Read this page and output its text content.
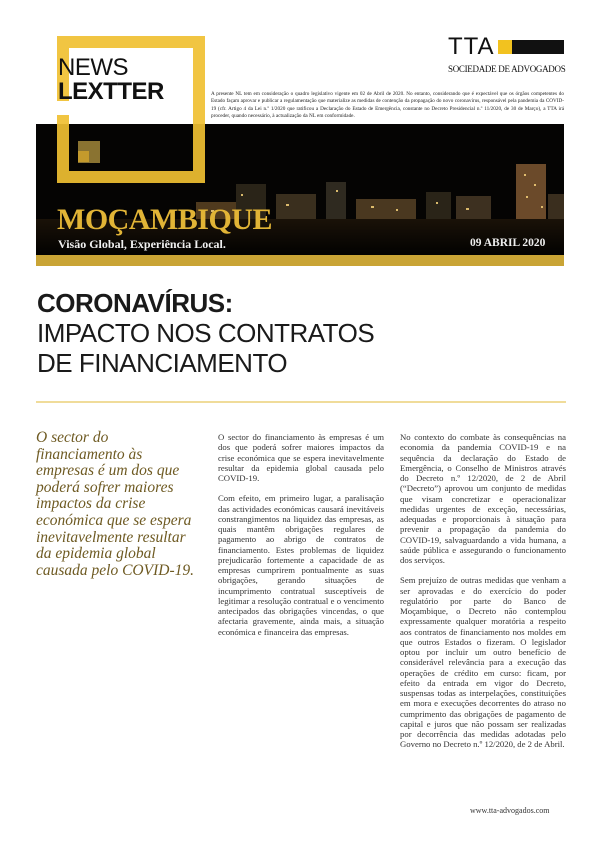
NEWS
LEXTTER
MOÇAMBIQUE
Visão Global, Experiência Local.	09 ABRIL 2020
TTA
SOCIEDADE DE ADVOGADOS
A presente NL tem em consideração o quadro legislativo vigente em 02 de Abril de 2020. No entanto, considerando que é expectável que os órgãos competentes do Estado façam aprovar e publicar a regulamentação que materialize as medidas de contenção da propagação do novo coronavírus, responsável pela pandemia da COVID-19 (cfr. Artigo 4 da Lei n.º 1/2020 que ratificou a Declaração do Estado de Emergência, constante no Decreto Presidencial n.º 11/2020, de 30 de Março), a TTA irá proceder, quando necessário, à actualização da NL em conformidade.
CORONAVÍRUS:
IMPACTO NOS CONTRATOS
DE FINANCIAMENTO
O sector do financiamento às empresas é um dos que poderá sofrer maiores impactos da crise económica que se espera inevitavelmente resultar da epidemia global causada pelo COVID-19.

O sector do financiamento às empresas é um dos que poderá sofrer maiores impactos da crise económica que se espera inevitavelmente resultar da epidemia global causada pelo COVID-19.

Com efeito, em primeiro lugar, a paralisação das actividades económicas causará inevitáveis constrangimentos na liquidez das empresas, as quais mantêm obrigações regulares de pagamento ao abrigo de contratos de financiamento. Estes problemas de liquidez prejudicarão fortemente a capacidade de as empresas cumprirem pontualmente as suas obrigações, gerando situações de incumprimento contratual susceptíveis de legitimar a resolução contratual e o vencimento antecipados das obrigações vincendas, o que afectaria gravemente, ainda mais, a situação económica e financeira das empresas.

No contexto do combate às consequências na economia da pandemia COVID-19 e na sequência da declaração do Estado de Emergência, o Conselho de Ministros através do Decreto n.º 12/2020, de 2 de Abril (“Decreto”) aprovou um conjunto de medidas que visam concretizar e operacionalizar medidas urgentes de exceção, necessárias, adequadas e proporcionais à situação para prevenir a propagação da pandemia do COVID-19, salvaguardando a vida humana, a saúde pública e assegurando o funcionamento dos serviços.

Sem prejuízo de outras medidas que venham a ser aprovadas e do exercício do poder regulatório por parte do Banco de Moçambique, o Decreto não contemplou expressamente qualquer moratória a respeito aos contratos de financiamento nos moldes em que outros Estados o fizeram. O legislador optou por incluir um outro benefício de considerável relevância para a execução das operações de crédito em curso: ficam, por efeito da entrada em vigor do Decreto, suspensas todas as interpelações, constituições em mora e execuções decorrentes do atraso no cumprimento das obrigações de pagamento de capital e juros que não possam ser realizadas por decorrência das medidas adotadas pelo Governo no Decreto n.º 12/2020, de 2 de Abril.

www.tta-advogados.com
